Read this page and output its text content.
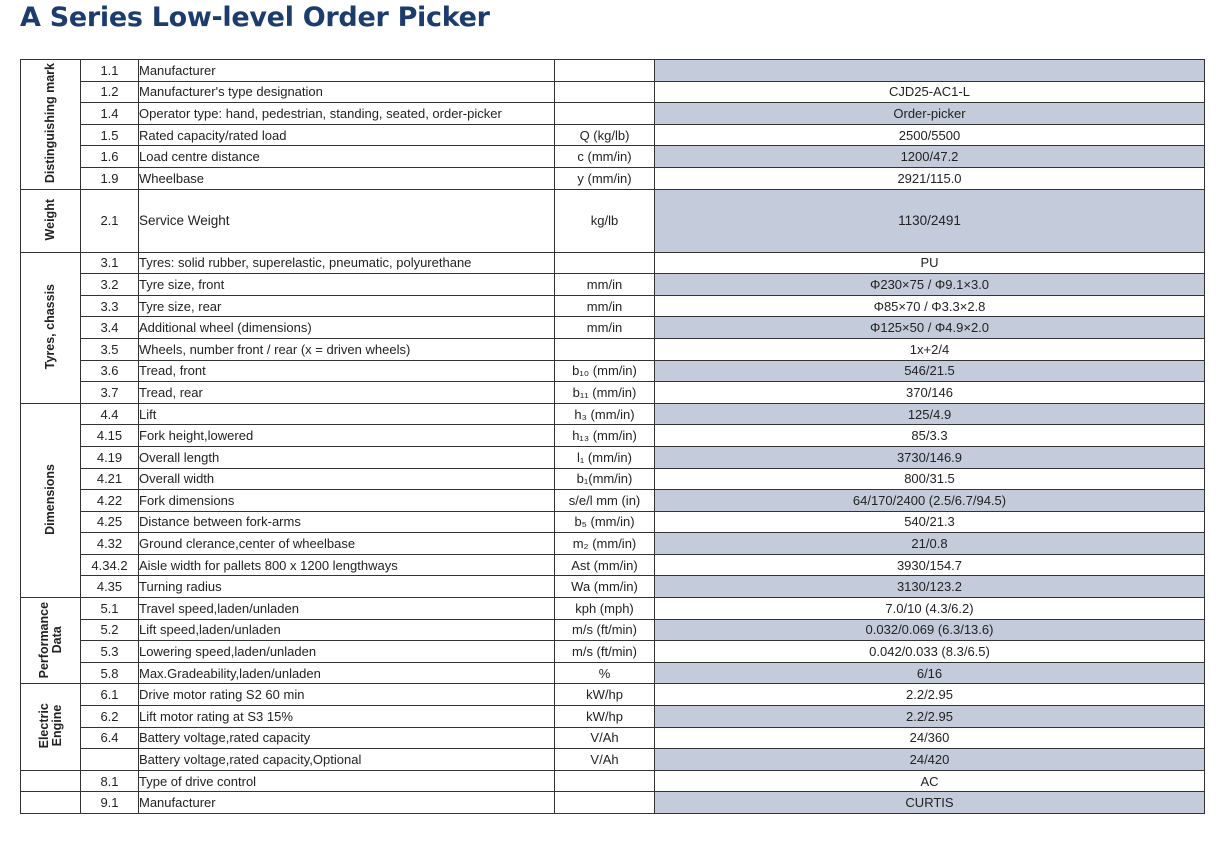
A Series Low-level Order Picker
Distinguishing mark	1.1	Manufacturer		
	1.2	Manufacturer's type designation		CJD25-AC1-L
	1.4	Operator type: hand, pedestrian, standing, seated, order-picker		Order-picker
	1.5	Rated capacity/rated load	Q (kg/lb)	2500/5500
	1.6	Load centre distance	c (mm/in)	1200/47.2
	1.9	Wheelbase	y (mm/in)	2921/115.0
Weight	2.1	Service Weight	kg/lb	1130/2491
Tyres, chassis	3.1	Tyres: solid rubber, superelastic, pneumatic, polyurethane		PU
	3.2	Tyre size, front	mm/in	Φ230×75 / Φ9.1×3.0
	3.3	Tyre size, rear	mm/in	Φ85×70 / Φ3.3×2.8
	3.4	Additional wheel (dimensions)	mm/in	Φ125×50 / Φ4.9×2.0
	3.5	Wheels, number front / rear (x = driven wheels)		1x+2/4
	3.6	Tread, front	b₁₀ (mm/in)	546/21.5
	3.7	Tread, rear	b₁₁ (mm/in)	370/146
Dimensions	4.4	Lift	h₃ (mm/in)	125/4.9
	4.15	Fork height,lowered	h₁₃ (mm/in)	85/3.3
	4.19	Overall length	l₁ (mm/in)	3730/146.9
	4.21	Overall width	b₁(mm/in)	800/31.5
	4.22	Fork dimensions	s/e/l mm (in)	64/170/2400 (2.5/6.7/94.5)
	4.25	Distance between fork-arms	b₅ (mm/in)	540/21.3
	4.32	Ground clerance,center of wheelbase	m₂ (mm/in)	21/0.8
	4.34.2	Aisle width for pallets 800 x 1200 lengthways	Ast (mm/in)	3930/154.7
	4.35	Turning radius	Wa (mm/in)	3130/123.2
Performance Data	5.1	Travel speed,laden/unladen	kph (mph)	7.0/10 (4.3/6.2)
	5.2	Lift speed,laden/unladen	m/s (ft/min)	0.032/0.069 (6.3/13.6)
	5.3	Lowering speed,laden/unladen	m/s (ft/min)	0.042/0.033 (8.3/6.5)
	5.8	Max.Gradeability,laden/unladen	%	6/16
Electric Engine	6.1	Drive motor rating S2 60 min	kW/hp	2.2/2.95
	6.2	Lift motor rating at S3 15%	kW/hp	2.2/2.95
	6.4	Battery voltage,rated capacity	V/Ah	24/360
		Battery voltage,rated capacity,Optional	V/Ah	24/420
	8.1	Type of drive control		AC
	9.1	Manufacturer		CURTIS
